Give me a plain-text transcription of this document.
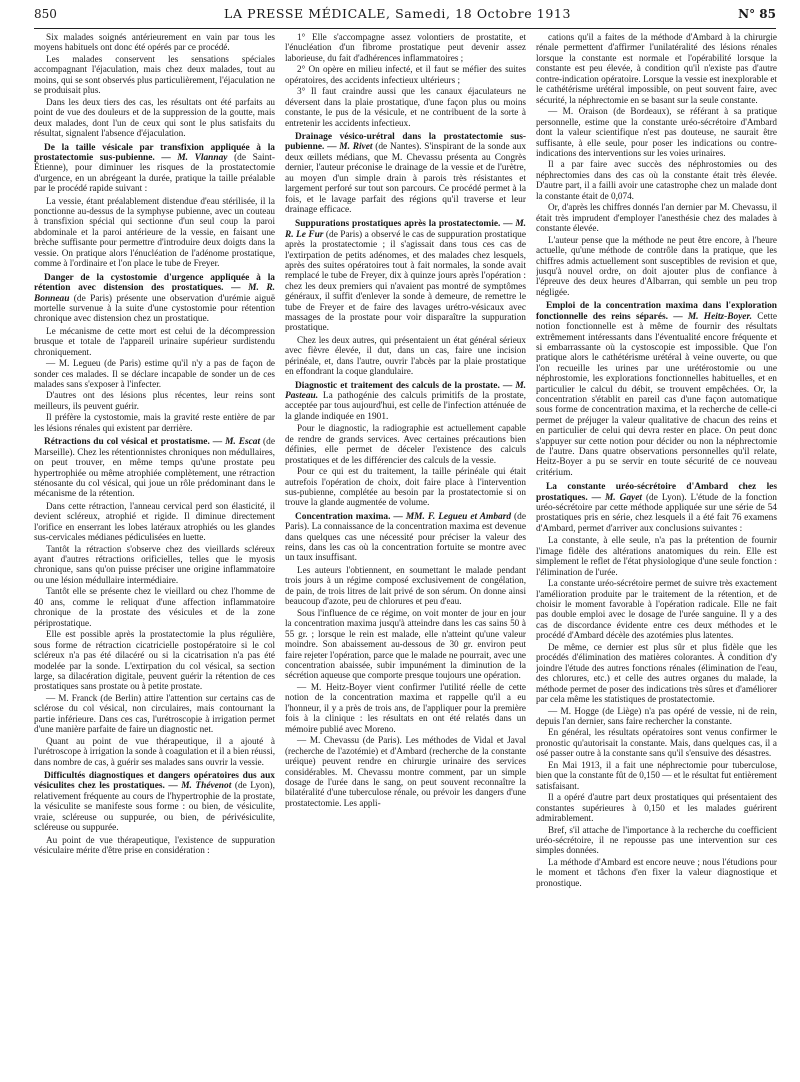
850	LA PRESSE MÉDICALE, Samedi, 18 Octobre 1913	N° 85

Six malades soignés antérieurement en vain par tous les moyens habituels ont donc été opérés par ce procédé.

Les malades conservent les sensations spéciales accompagnant l'éjaculation, mais chez deux malades, tout au moins, qui se sont observés plus particulièrement, l'éjaculation ne se produisait plus.

Dans les deux tiers des cas, les résultats ont été parfaits au point de vue des douleurs et de la suppression de la goutte, mais deux malades, dont l'un de ceux qui sont le plus satisfaits du résultat, signalent l'absence d'éjaculation.

De la taille vésicale par transfixion appliquée à la prostatectomie sus-pubienne. — M. Vlannay (de Saint-Étienne), pour diminuer les risques de la prostatectomie d'urgence, en un abrégeant la durée, pratique la taille préalable par le procédé rapide suivant :

La vessie, étant préalablement distendue d'eau stérilisée, il la ponctionne au-dessus de la symphyse pubienne, avec un couteau à transfixion spécial qui sectionne d'un seul coup la paroi abdominale et la paroi antérieure de la vessie, en faisant une brèche suffisante pour permettre d'introduire deux doigts dans la vessie. On pratique alors l'énucléation de l'adénome prostatique, comme à l'ordinaire et l'on place le tube de Freyer.

Danger de la cystostomie d'urgence appliquée à la rétention avec distension des prostatiques. — M. R. Bonneau (de Paris) présente une observation d'urémie aiguë mortelle survenue à la suite d'une cystostomie pour rétention chronique avec distension chez un prostatique.

Le mécanisme de cette mort est celui de la décompression brusque et totale de l'appareil urinaire supérieur surdistendu chroniquement.

— M. Legueu (de Paris) estime qu'il n'y a pas de façon de sonder ces malades. Il se déclare incapable de sonder un de ces malades sans s'exposer à l'infecter.

D'autres ont des lésions plus récentes, leur reins sont meilleurs, ils peuvent guérir.

Il préfère la cystostomie, mais la gravité reste entière de par les lésions rénales qui existent par derrière.

Rétractions du col vésical et prostatisme. — M. Escat (de Marseille). Chez les rétentionnistes chroniques non médullaires, on peut trouver, en même temps qu'une prostate peu hypertrophiée ou même atrophiée complètement, une rétraction sténosante du col vésical, qui joue un rôle prédominant dans le mécanisme de la rétention.

Dans cette rétraction, l'anneau cervical perd son élasticité, il devient scléreux, atrophié et rigide. Il diminue directement l'orifice en enserrant les lobes latéraux atrophiés ou les glandes sus-cervicales médianes pédiculisées en luette.

Tantôt la rétraction s'observe chez des vieillards scléreux ayant d'autres rétractions orificielles, telles que le myosis chronique, sans qu'on puisse préciser une origine inflammatoire ou une lésion médullaire intermédiaire.

Tantôt elle se présente chez le vieillard ou chez l'homme de 40 ans, comme le reliquat d'une affection inflammatoire chronique de la prostate des vésicules et de la zone périprostatique.

Elle est possible après la prostatectomie la plus régulière, sous forme de rétraction cicatricielle postopératoire si le col scléreux n'a pas été dilacéré ou si la cicatrisation n'a pas été modelée par la sonde. L'extirpation du col vésical, sa section large, sa dilacération digitale, peuvent guérir la rétention de ces prostatiques sans prostate ou à petite prostate.

— M. Franck (de Berlin) attire l'attention sur certains cas de sclérose du col vésical, non circulaires, mais contournant la partie inférieure. Dans ces cas, l'urétroscopie à irrigation permet d'une manière parfaite de faire un diagnostic net.

Quant au point de vue thérapeutique, il a ajouté à l'urétroscope à irrigation la sonde à coagulation et il a bien réussi, dans nombre de cas, à guérir ses malades sans ouvrir la vessie.

Difficultés diagnostiques et dangers opératoires dus aux vésiculites chez les prostatiques. — M. Thévenot (de Lyon), relativement fréquente au cours de l'hypertrophie de la prostate, la vésiculite se manifeste sous forme : ou bien, de vésiculite, vraie, scléreuse ou suppurée, ou bien, de périvésiculite, scléreuse ou suppurée.

Au point de vue thérapeutique, l'existence de suppuration vésiculaire mérite d'être prise en considération :

1° Elle s'accompagne assez volontiers de prostatite, et l'énucléation d'un fibrome prostatique peut devenir assez laborieuse, du fait d'adhérences inflammatoires ;

2° On opère en milieu infecté, et il faut se méfier des suites opératoires, des accidents infectieux ultérieurs ;

3° Il faut craindre aussi que les canaux éjaculateurs ne déversent dans la plaie prostatique, d'une façon plus ou moins constante, le pus de la vésicule, et ne contribuent de la sorte à entretenir les accidents infectieux.

Drainage vésico-urétral dans la prostatectomie sus-pubienne. — M. Rivet (de Nantes). S'inspirant de la sonde aux deux œillets médians, que M. Chevassu présenta au Congrès dernier, l'auteur préconise le drainage de la vessie et de l'urètre, au moyen d'un simple drain à parois très résistantes et largement perforé sur tout son parcours. Ce procédé permet à la fois, et le lavage parfait des régions qu'il traverse et leur drainage efficace.
Suppurations prostatiques après la prostatectomie. — M. R. Le Fur (de Paris) a observé le cas de suppuration prostatique après la prostatectomie ; il s'agissait dans tous ces cas de l'extirpation de petits adénomes, et des malades chez lesquels, après des suites opératoires tout à fait normales, la sonde avait remplacé le tube de Freyer, dix à quinze jours après l'opération : chez les deux premiers qui n'avaient pas montré de symptômes généraux, il suffit d'enlever la sonde à demeure, de remettre le tube de Freyer et de faire des lavages urétro-vésicaux avec massages de la prostate pour voir disparaître la suppuration prostatique.

Chez les deux autres, qui présentaient un état général sérieux avec fièvre élevée, il dut, dans un cas, faire une incision périnéale, et, dans l'autre, ouvrir l'abcès par la plaie prostatique en effondrant la coque glandulaire.

Diagnostic et traitement des calculs de la prostate. — M. Pasteau. La pathogénie des calculs primitifs de la prostate, acceptée par tous aujourd'hui, est celle de l'infection atténuée de la glande indiquée en 1901.

Pour le diagnostic, la radiographie est actuellement capable de rendre de grands services. Avec certaines précautions bien définies, elle permet de déceler l'existence des calculs prostatiques et de les différencier des calculs de la vessie.

Pour ce qui est du traitement, la taille périnéale qui était autrefois l'opération de choix, doit faire place à l'intervention sus-pubienne, complétée au besoin par la prostatectomie si on trouve la glande augmentée de volume.

Concentration maxima. — MM. F. Legueu et Ambard (de Paris). La connaissance de la concentration maxima est devenue dans quelques cas une nécessité pour préciser la valeur des reins, dans les cas où la concentration fortuite se montre avec un taux insuffisant.

Les auteurs l'obtiennent, en soumettant le malade pendant trois jours à un régime composé exclusivement de congélation, de pain, de trois litres de lait privé de son sérum. On donne ainsi beaucoup d'azote, peu de chlorures et peu d'eau.

Sous l'influence de ce régime, on voit monter de jour en jour la concentration maxima jusqu'à atteindre dans les cas sains 50 à 55 gr. ; lorsque le rein est malade, elle n'atteint qu'une valeur moindre. Son abaissement au-dessous de 30 gr. environ peut faire rejeter l'opération, parce que le malade ne pourrait, avec une concentration abaissée, subir impunément la diminution de la sécrétion aqueuse que comporte presque toujours une opération.

— M. Heitz-Boyer vient confirmer l'utilité réelle de cette notion de la concentration maxima et rappelle qu'il a eu l'honneur, il y a près de trois ans, de l'appliquer pour la première fois à la clinique : les résultats en ont été relatés dans un mémoire publié avec Moreno.

— M. Chevassu (de Paris). Les méthodes de Vidal et Javal (recherche de l'azotémie) et d'Ambard (recherche de la constante uréique) peuvent rendre en chirurgie urinaire des services considérables. M. Chevassu montre comment, par un simple dosage de l'urée dans le sang, on peut souvent reconnaître la bilatéralité d'une tuberculose rénale, ou prévoir les dangers d'une prostatectomie. Les appli-

cations qu'il a faites de la méthode d'Ambard à la chirurgie rénale permettent d'affirmer l'unilatéralité des lésions rénales lorsque la constante est normale et l'opérabilité lorsque la constante est peu élevée, à condition qu'il n'existe pas d'autre contre-indication opératoire. Lorsque la vessie est inexplorable et le cathétérisme urétéral impossible, on peut souvent faire, avec sécurité, la néphrectomie en se basant sur la seule constante.

— M. Oraison (de Bordeaux), se référant à sa pratique personnelle, estime que la constante uréo-sécrétoire d'Ambard dont la valeur scientifique n'est pas douteuse, ne saurait être suffisante, à elle seule, pour poser les indications ou contre-indications des interventions sur les voies urinaires.

Il a par faire avec succès des néphrostomies ou des néphrectomies dans des cas où la constante était très élevée. D'autre part, il a failli avoir une catastrophe chez un malade dont la constante était de 0,074.

Or, d'après les chiffres donnés l'an dernier par M. Chevassu, il était très imprudent d'employer l'anesthésie chez des malades à constante élevée.

L'auteur pense que la méthode ne peut être encore, à l'heure actuelle, qu'une méthode de contrôle dans la pratique, que les chiffres admis actuellement sont susceptibles de revision et que, jusqu'à nouvel ordre, on doit ajouter plus de confiance à l'épreuve des deux heures d'Albarran, qui semble un peu trop négligée.

Emploi de la concentration maxima dans l'exploration fonctionnelle des reins séparés. — M. Heitz-Boyer. Cette notion fonctionnelle est à même de fournir des résultats extrêmement intéressants dans l'éventualité encore fréquente et si embarrassante où la cystoscopie est impossible. Que l'on pratique alors le cathétérisme urétéral à veine ouverte, ou que l'on recueille les urines par une urétérostomie ou une néphrostomie, les explorations fonctionnelles habituelles, et en particulier le calcul du débit, se trouvent empêchées. Or, la concentration s'établit en pareil cas d'une façon automatique sous forme de concentration maxima, et la recherche de celle-ci permet de préjuger la valeur qualitative de chacun des reins et en particulier de celui qui devra rester en place. On peut donc s'appuyer sur cette notion pour décider ou non la néphrectomie de l'autre. Dans quatre observations personnelles qu'il relate, Heitz-Boyer a pu se servir en toute sécurité de ce nouveau critérium.
La constante uréo-sécrétoire d'Ambard chez les prostatiques. — M. Gayet (de Lyon). L'étude de la fonction uréo-sécrétoire par cette méthode appliquée sur une série de 54 prostatiques pris en série, chez lesquels il a été fait 76 examens d'Ambard, permet d'arriver aux conclusions suivantes :

La constante, à elle seule, n'a pas la prétention de fournir l'image fidèle des altérations anatomiques du rein. Elle est simplement le reflet de l'état physiologique d'une seule fonction : l'élimination de l'urée.

La constante uréo-sécrétoire permet de suivre très exactement l'amélioration produite par le traitement de la rétention, et de choisir le moment favorable à l'opération radicale. Elle ne fait pas double emploi avec le dosage de l'urée sanguine. Il y a des cas de discordance évidente entre ces deux méthodes et le procédé d'Ambard décèle des azotémies plus latentes.

De même, ce dernier est plus sûr et plus fidèle que les procédés d'élimination des matières colorantes. À condition d'y joindre l'étude des autres fonctions rénales (élimination de l'eau, des chlorures, etc.) et celle des autres organes du malade, la méthode permet de poser des indications très sûres et d'améliorer par cela même les statistiques de prostatectomie.

— M. Hogge (de Liège) n'a pas opéré de vessie, ni de rein, depuis l'an dernier, sans faire rechercher la constante.

En général, les résultats opératoires sont venus confirmer le pronostic qu'autorisait la constante. Mais, dans quelques cas, il a osé passer outre à la constante sans qu'il s'ensuive des désastres.

En Mai 1913, il a fait une néphrectomie pour tuberculose, bien que la constante fût de 0,150 — et le résultat fut entièrement satisfaisant.

Il a opéré d'autre part deux prostatiques qui présentaient des constantes supérieures à 0,150 et les malades guérirent admirablement.

Bref, s'il attache de l'importance à la recherche du coefficient uréo-sécrétoire, il ne repousse pas une intervention sur ces simples données.

La méthode d'Ambard est encore neuve ; nous l'étudions pour le moment et tâchons d'en fixer la valeur diagnostique et pronostique.
